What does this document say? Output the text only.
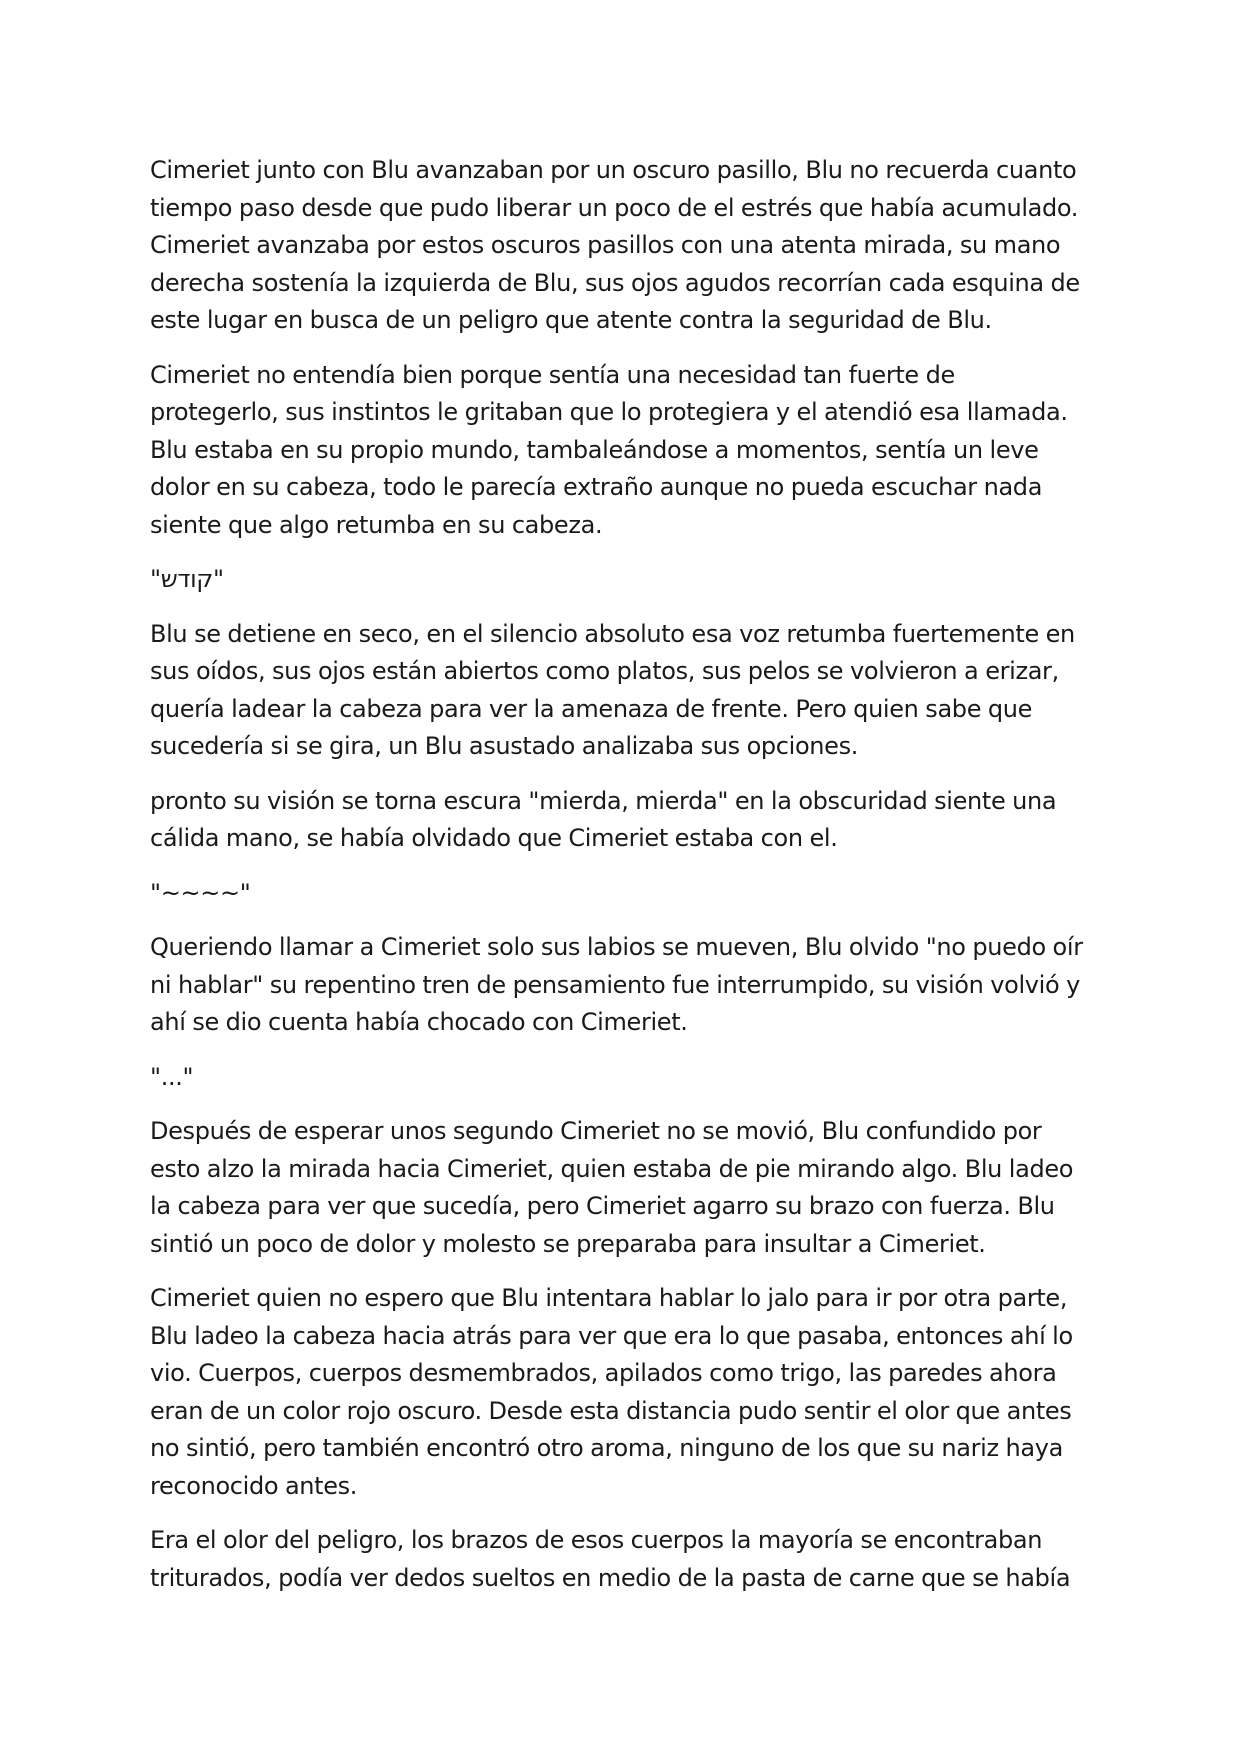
Cimeriet junto con Blu avanzaban por un oscuro pasillo, Blu no recuerda cuanto
tiempo paso desde que pudo liberar un poco de el estrés que había acumulado.
Cimeriet avanzaba por estos oscuros pasillos con una atenta mirada, su mano
derecha sostenía la izquierda de Blu, sus ojos agudos recorrían cada esquina de
este lugar en busca de un peligro que atente contra la seguridad de Blu.

Cimeriet no entendía bien porque sentía una necesidad tan fuerte de
protegerlo, sus instintos le gritaban que lo protegiera y el atendió esa llamada.
Blu estaba en su propio mundo, tambaleándose a momentos, sentía un leve
dolor en su cabeza, todo le parecía extraño aunque no pueda escuchar nada
siente que algo retumba en su cabeza.

"קודש"

Blu se detiene en seco, en el silencio absoluto esa voz retumba fuertemente en
sus oídos, sus ojos están abiertos como platos, sus pelos se volvieron a erizar,
quería ladear la cabeza para ver la amenaza de frente. Pero quien sabe que
sucedería si se gira, un Blu asustado analizaba sus opciones.

pronto su visión se torna escura "mierda, mierda" en la obscuridad siente una
cálida mano, se había olvidado que Cimeriet estaba con el.

"~~~~"

Queriendo llamar a Cimeriet solo sus labios se mueven, Blu olvido "no puedo oír
ni hablar" su repentino tren de pensamiento fue interrumpido, su visión volvió y
ahí se dio cuenta había chocado con Cimeriet.

"..."

Después de esperar unos segundo Cimeriet no se movió, Blu confundido por
esto alzo la mirada hacia Cimeriet, quien estaba de pie mirando algo. Blu ladeo
la cabeza para ver que sucedía, pero Cimeriet agarro su brazo con fuerza. Blu
sintió un poco de dolor y molesto se preparaba para insultar a Cimeriet.

Cimeriet quien no espero que Blu intentara hablar lo jalo para ir por otra parte,
Blu ladeo la cabeza hacia atrás para ver que era lo que pasaba, entonces ahí lo
vio. Cuerpos, cuerpos desmembrados, apilados como trigo, las paredes ahora
eran de un color rojo oscuro. Desde esta distancia pudo sentir el olor que antes
no sintió, pero también encontró otro aroma, ninguno de los que su nariz haya
reconocido antes.

Era el olor del peligro, los brazos de esos cuerpos la mayoría se encontraban
triturados, podía ver dedos sueltos en medio de la pasta de carne que se había
